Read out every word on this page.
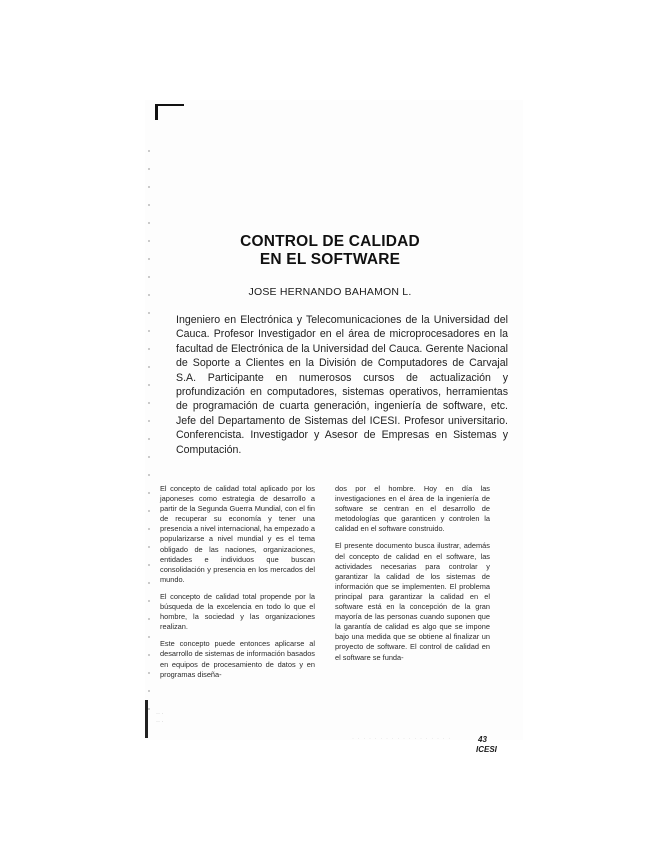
·· ·
·· ·
CONTROL DE CALIDAD
EN EL SOFTWARE

JOSE HERNANDO BAHAMON L.

Ingeniero en Electrónica y Telecomunicaciones de la Universidad del Cauca. Profesor Investigador en el área de microprocesadores en la facultad de Electrónica de la Universidad del Cauca. Gerente Nacional de Soporte a Clientes en la División de Computadores de Carvajal S.A. Participante en numerosos cursos de actualización y profundización en computadores, sistemas operativos, herramientas de programación de cuarta generación, ingeniería de software, etc. Jefe del Departamento de Sistemas del ICESI. Profesor universitario. Conferencista. Investigador y Asesor de Empresas en Sistemas y Computación.

El concepto de calidad total aplicado por los japoneses como estrategia de desarrollo a partir de la Segunda Guerra Mundial, con el fin de recuperar su economía y tener una presencia a nivel internacional, ha empezado a popularizarse a nivel mundial y es el tema obligado de las naciones, organizaciones, entidades e individuos que buscan consolidación y presencia en los mercados del mundo.

El concepto de calidad total propende por la búsqueda de la excelencia en todo lo que el hombre, la sociedad y las organizaciones realizan.

Este concepto puede entonces aplicarse al desarrollo de sistemas de información basados en equipos de procesamiento de datos y en programas diseña-

dos por el hombre. Hoy en día las investigaciones en el área de la ingeniería de software se centran en el desarrollo de metodologías que garanticen y controlen la calidad en el software construido.

El presente documento busca ilustrar, además del concepto de calidad en el software, las actividades necesarias para controlar y garantizar la calidad de los sistemas de información que se implementen. El problema principal para garantizar la calidad en el software está en la concepción de la gran mayoría de las personas cuando suponen que la garantía de calidad es algo que se impone bajo una medida que se obtiene al finalizar un proyecto de software. El control de calidad en el software se funda-

· · · · · · · · · · · · · · · · · ·	43
ICESI
